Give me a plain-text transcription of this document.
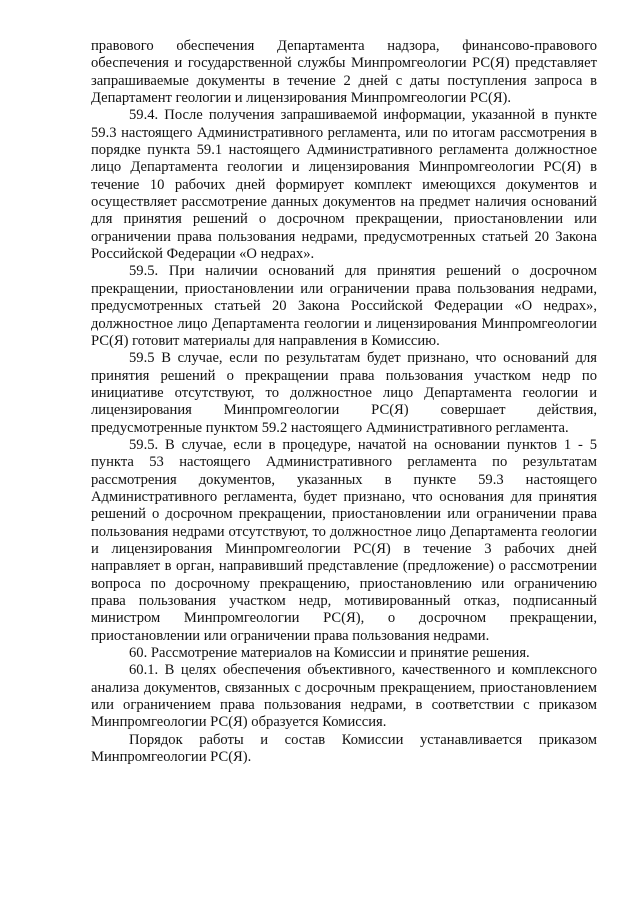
правового обеспечения Департамента надзора, финансово-правового обеспечения и государственной службы Минпромгеологии РС(Я) представляет запрашиваемые документы в течение 2 дней с даты поступления запроса в Департамент геологии и лицензирования Минпромгеологии РС(Я).

59.4. После получения запрашиваемой информации, указанной в пункте 59.3 настоящего Административного регламента, или по итогам рассмотрения в порядке пункта 59.1 настоящего Административного регламента должностное лицо Департамента геологии и лицензирования Минпромгеологии РС(Я) в течение 10 рабочих дней формирует комплект имеющихся документов и осуществляет рассмотрение данных документов на предмет наличия оснований для принятия решений о досрочном прекращении, приостановлении или ограничении права пользования недрами, предусмотренных статьей 20 Закона Российской Федерации «О недрах».

59.5. При наличии оснований для принятия решений о досрочном прекращении, приостановлении или ограничении права пользования недрами, предусмотренных статьей 20 Закона Российской Федерации «О недрах», должностное лицо Департамента геологии и лицензирования Минпромгеологии РС(Я) готовит материалы для направления в Комиссию.

59.5 В случае, если по результатам будет признано, что оснований для принятия решений о прекращении права пользования участком недр по инициативе отсутствуют, то должностное лицо Департамента геологии и лицензирования Минпромгеологии РС(Я) совершает действия, предусмотренные пунктом 59.2 настоящего Административного регламента.

59.5. В случае, если в процедуре, начатой на основании пунктов 1 - 5 пункта 53 настоящего Административного регламента по результатам рассмотрения документов, указанных в пункте 59.3 настоящего Административного регламента, будет признано, что основания для принятия решений о досрочном прекращении, приостановлении или ограничении права пользования недрами отсутствуют, то должностное лицо Департамента геологии и лицензирования Минпромгеологии РС(Я) в течение 3 рабочих дней направляет в орган, направивший представление (предложение) о рассмотрении вопроса по досрочному прекращению, приостановлению или ограничению права пользования участком недр, мотивированный отказ, подписанный министром Минпромгеологии РС(Я), о досрочном прекращении, приостановлении или ограничении права пользования недрами.

60. Рассмотрение материалов на Комиссии и принятие решения.

60.1. В целях обеспечения объективного, качественного и комплексного анализа документов, связанных с досрочным прекращением, приостановлением или ограничением права пользования недрами, в соответствии с приказом Минпромгеологии РС(Я) образуется Комиссия.

Порядок работы и состав Комиссии устанавливается приказом Минпромгеологии РС(Я).
